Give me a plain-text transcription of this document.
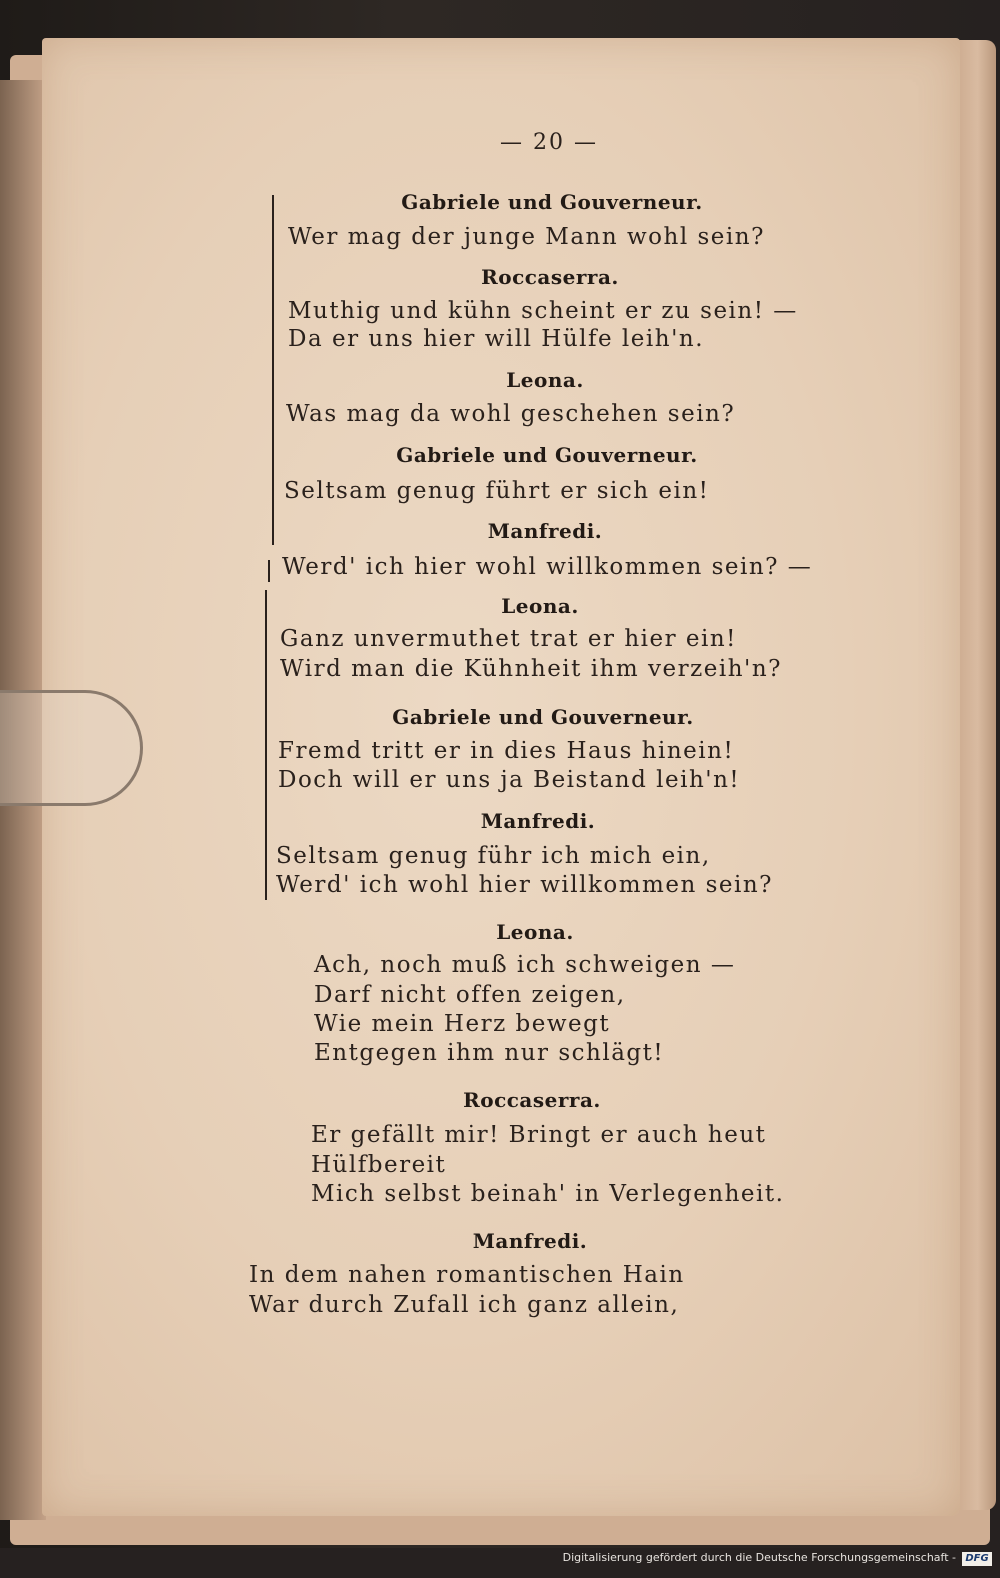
— 20 —
Gabriele und Gouverneur.
Wer mag der junge Mann wohl sein?
Roccaserra.
Muthig und kühn scheint er zu sein! —
Da er uns hier will Hülfe leih'n.
Leona.
Was mag da wohl geschehen sein?
Gabriele und Gouverneur.
Seltsam genug führt er sich ein!
Manfredi.
Werd' ich hier wohl willkommen sein? —
Leona.
Ganz unvermuthet trat er hier ein!
Wird man die Kühnheit ihm verzeih'n?
Gabriele und Gouverneur.
Fremd tritt er in dies Haus hinein!
Doch will er uns ja Beistand leih'n!
Manfredi.
Seltsam genug führ ich mich ein,
Werd' ich wohl hier willkommen sein?
Leona.
Ach, noch muß ich schweigen —
Darf nicht offen zeigen,
Wie mein Herz bewegt
Entgegen ihm nur schlägt!
Roccaserra.
Er gefällt mir! Bringt er auch heut
Hülfbereit
Mich selbst beinah' in Verlegenheit.
Manfredi.
In dem nahen romantischen Hain
War durch Zufall ich ganz allein,
Digitalisierung gefördert durch die Deutsche Forschungsgemeinschaft - DFG
